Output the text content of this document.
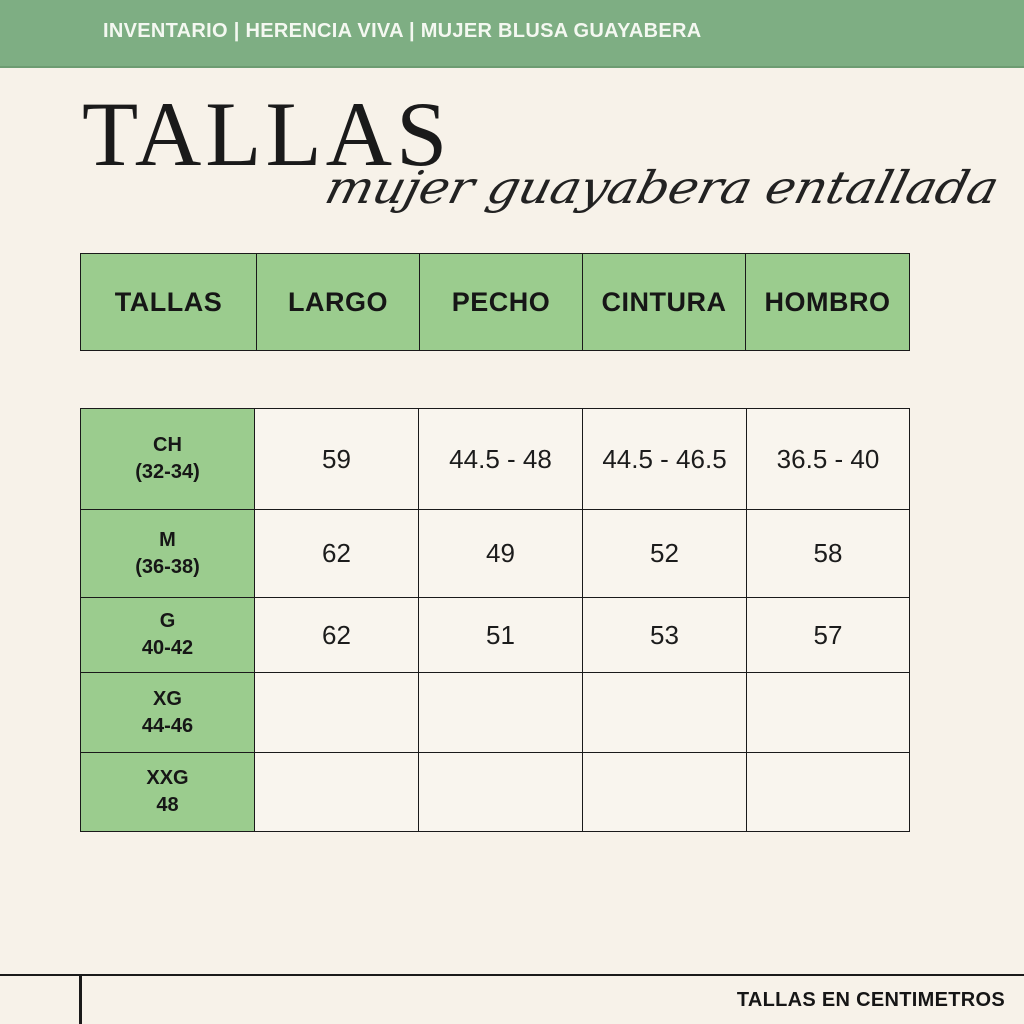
INVENTARIO | HERENCIA VIVA | MUJER BLUSA GUAYABERA
TALLAS
mujer guayabera entallada
TALLAS	LARGO	PECHO	CINTURA	HOMBRO
CH
(32-34)	59	44.5 - 48	44.5 - 46.5	36.5 - 40

M
(36-38)	62	49	52	58

G
40-42	62	51	53	57

XG
44-46				

XXG
48				

TALLAS EN CENTIMETROS
